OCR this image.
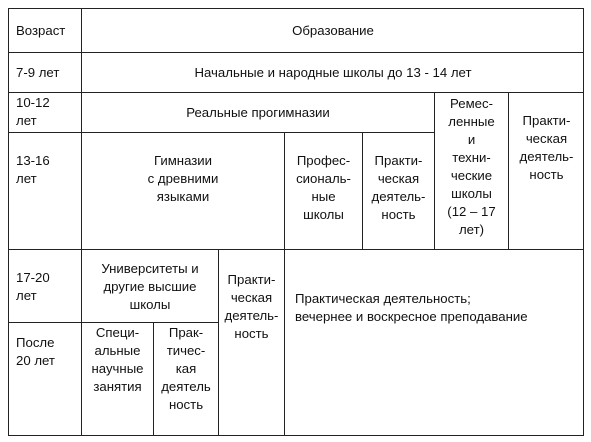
Возраст	Образование
7-9 лет	Начальные и народные школы до 13 - 14 лет
10-12
лет
Реальные прогимназии
Ремес-
ленные
и
техни-
ческие
школы
(12 – 17
лет)
Практи-
ческая
деятель-
ность
13-16
лет
Гимназии
с древними
языками
Профес-
сиональ-
ные
школы
Практи-
ческая
деятель-
ность
17-20
лет
Университеты и
другие высшие
школы
Практи-
ческая
деятель-
ность
Практическая деятельность;
вечернее и воскресное преподавание
После
20 лет
Специ-
альные
научные
занятия
Прак-
тичес-
кая
деятель
ность
